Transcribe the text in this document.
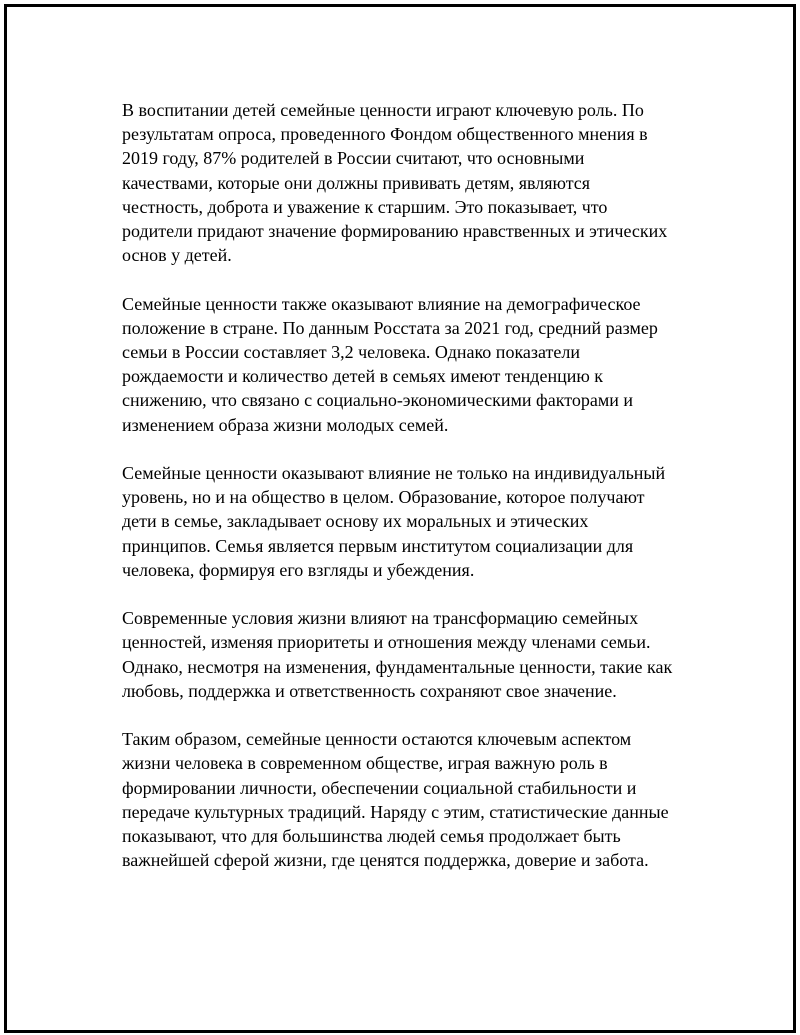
В воспитании детей семейные ценности играют ключевую роль. По
результатам опроса, проведенного Фондом общественного мнения в
2019 году, 87% родителей в России считают, что основными
качествами, которые они должны прививать детям, являются
честность, доброта и уважение к старшим. Это показывает, что
родители придают значение формированию нравственных и этических
основ у детей.

Семейные ценности также оказывают влияние на демографическое
положение в стране. По данным Росстата за 2021 год, средний размер
семьи в России составляет 3,2 человека. Однако показатели
рождаемости и количество детей в семьях имеют тенденцию к
снижению, что связано с социально-экономическими факторами и
изменением образа жизни молодых семей.

Семейные ценности оказывают влияние не только на индивидуальный
уровень, но и на общество в целом. Образование, которое получают
дети в семье, закладывает основу их моральных и этических
принципов. Семья является первым институтом социализации для
человека, формируя его взгляды и убеждения.

Современные условия жизни влияют на трансформацию семейных
ценностей, изменяя приоритеты и отношения между членами семьи.
Однако, несмотря на изменения, фундаментальные ценности, такие как
любовь, поддержка и ответственность сохраняют свое значение.

Таким образом, семейные ценности остаются ключевым аспектом
жизни человека в современном обществе, играя важную роль в
формировании личности, обеспечении социальной стабильности и
передаче культурных традиций. Наряду с этим, статистические данные
показывают, что для большинства людей семья продолжает быть
важнейшей сферой жизни, где ценятся поддержка, доверие и забота.
